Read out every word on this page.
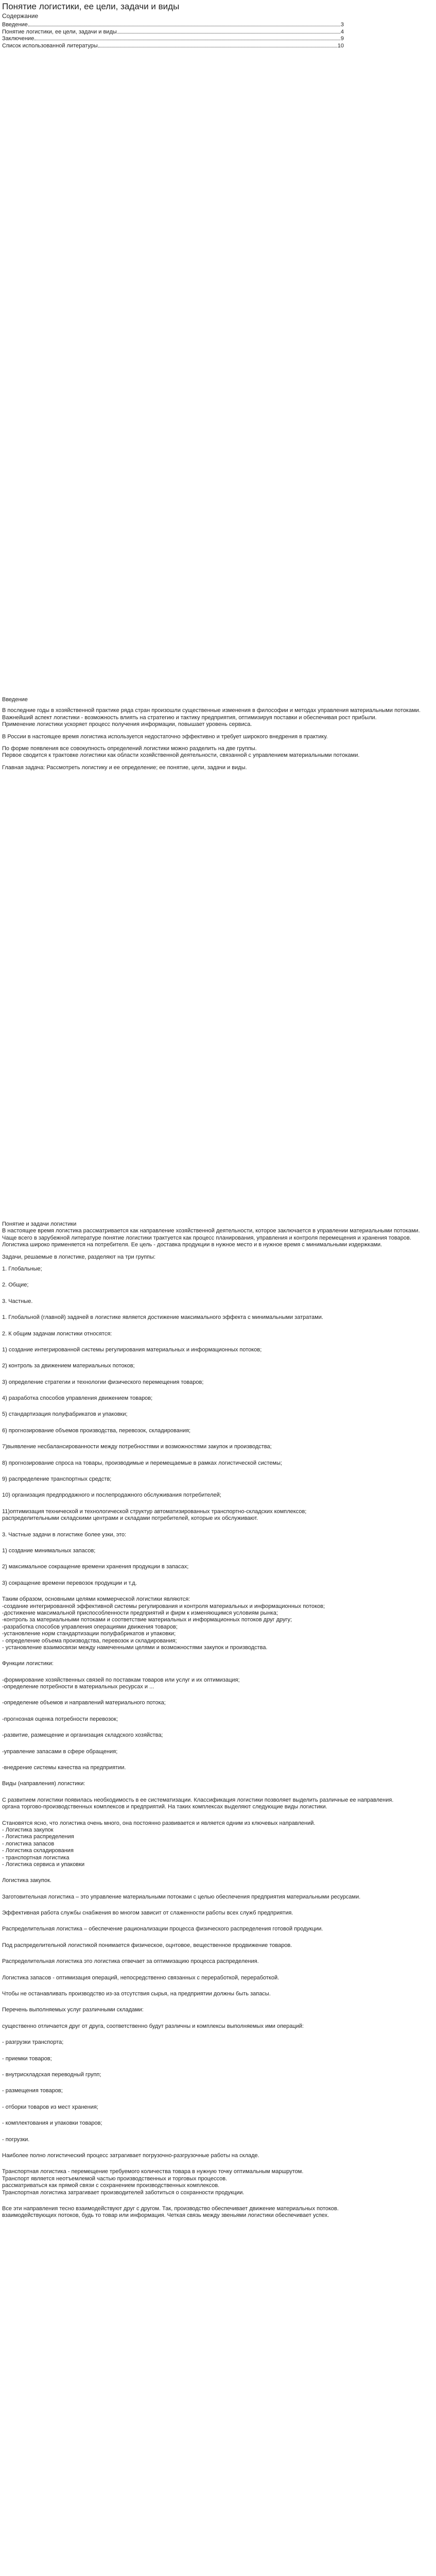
Понятие логистики, ее цели, задачи и виды
Содержание
Введение	3
Понятие логистики, ее цели, задачи и виды	4
Заключение	9
Список использованной литературы	10
Введение
В последние годы в хозяйственной практике ряда стран произошли существенные изменения в философии и методах управления материальными потоками.
Важнейший аспект логистики - возможность влиять на стратегию и тактику предприятия, оптимизируя поставки и обеспечивая рост прибыли.
Применение логистики ускоряет процесс получения информации, повышает уровень сервиса.
В России в настоящее время логистика используется недостаточно эффективно и требует широкого внедрения в практику.
По форме появления все совокупность определений логистики можно разделить на две группы.
Первое сводится к трактовке логистики как области хозяйственной деятельности, связанной с управлением материальными потоками.
Главная задача: Рассмотреть логистику и ее определение; ее понятие, цели, задачи и виды.
Понятие и задачи логистики
В настоящее время логистика рассматривается как направление хозяйственной деятельности, которое заключается в управлении материальными потоками.
Чаще всего в зарубежной литературе понятие логистики трактуется как процесс планирования, управления и контроля перемещения и хранения товаров.
Логистика широко применяется на потребителя. Ее цель - доставка продукции в нужное место и в нужное время с минимальными издержками.
Задачи, решаемые в логистике, разделяют на три группы:
1. Глобальные;
2. Общие;
3. Частные.
1. Глобальной (главной) задачей в логистике является достижение максимального эффекта с минимальными затратами.
2. К общим задачам логистики относятся:
1) создание интегрированной системы регулирования материальных и информационных потоков;
2) контроль за движением материальных потоков;
3) определение стратегии и технологии физического перемещения товаров;
4) разработка способов управления движением товаров;
5) стандартизация полуфабрикатов и упаковки;
6) прогнозирование объемов производства, перевозок, складирования;
7)выявление несбалансированности между потребностями и возможностями закупок и производства;
8) прогнозирование спроса на товары, производимые и перемещаемые в рамках логистической системы;
9) распределение транспортных средств;
10) организация предпродажного и послепродажного обслуживания потребителей;
11)оптимизация технической и технологической структур автоматизированных транспортно-складских комплексов;
распределительными складскими центрами и складами потребителей, которые их обслуживают.
3. Частные задачи в логистике более узки, это:
1) создание минимальных запасов;
2) максимальное сокращение времени хранения продукции в запасах;
3) сокращение времени перевозок продукции и т.д.
Таким образом, основными целями коммерческой логистики являются:
-создание интегрированной эффективной системы регулирования и контроля материальных и информационных потоков;
-достижение максимальной приспособленности предприятий и фирм к изменяющимся условиям рынка;
-контроль за материальными потоками и соответствие материальных и информационных потоков друг другу;
-разработка способов управления операциями движения товаров;
-установление норм стандартизации полуфабрикатов и упаковки;
- определение объема производства, перевозок и складирования;
- установление взаимосвязи между намеченными целями и возможностями закупок и производства.
Функции логистики:
-формирование хозяйственных связей по поставкам товаров или услуг и их оптимизация;
-определение потребности в материальных ресурсах и ...
-определение объемов и направлений материального потока;
-прогнозная оценка потребности перевозок;
-развитие, размещение и организация складского хозяйства;
-управление запасами в сфере обращения;
-внедрение системы качества на предприятии.
Виды (направления) логистики:
С развитием логистики появилась необходимость в ее систематизации. Классификация логистики позволяет выделить различные ее направления.
органа торгово-производственных комплексов и предприятий. На таких комплексах выделяют следующие виды логистики.
Становятся ясно, что логистика очень много, она постоянно развивается и является одним из ключевых направлений.
- Логистика закупок
- Логистика распределения
- логистика запасов
- Логистика складирования
- транспортная логистика
- Логистика сервиса и упаковки
Логистика закупок.
Заготовительная логистика – это управление материальными потоками с целью обеспечения предприятия материальными ресурсами.
Эффективная работа службы снабжения во многом зависит от слаженности работы всех служб предприятия.
Распределительная логистика – обеспечение рационализации процесса физического распределения готовой продукции.
Под распределительной логистикой понимается физическое, оцнтовое, вещественное продвижение товаров.
Распределительная логистика это логистика отвечает за оптимизацию процесса распределения.
Логистика запасов - оптимизация операций, непосредственно связанных с переработкой, переработкой.
Чтобы не останавливать производство из-за отсутствия сырья, на предприятии должны быть запасы.
Перечень выполняемых услуг различными складами:
существенно отличается друг от друга, соответственно будут различны и комплексы выполняемых ими операций:
- разгрузки транспорта;
- приемки товаров;
- внутрискладская переводный групп;
- размещения товаров;
- отборки товаров из мест хранения;
- комплектования и упаковки товаров;
- погрузки.
Наиболее полно логистический процесс затрагивает погрузочно-разгрузочные работы на складе.
Транспортная логистика - перемещение требуемого количества товара в нужную точку оптимальным маршрутом.
Транспорт является неотъемлемой частью производственных и торговых процессов.
рассматриваться как прямой связи с сохранением производственных комплексов.
Транспортная логистика затрагивает производителей заботиться о сохранности продукции.
Все эти направления тесно взаимодействуют друг с другом. Так, производство обеспечивает движение материальных потоков.
взаимодействующих потоков, будь то товар или информация. Четкая связь между звеньями логистики обеспечивает успех.
